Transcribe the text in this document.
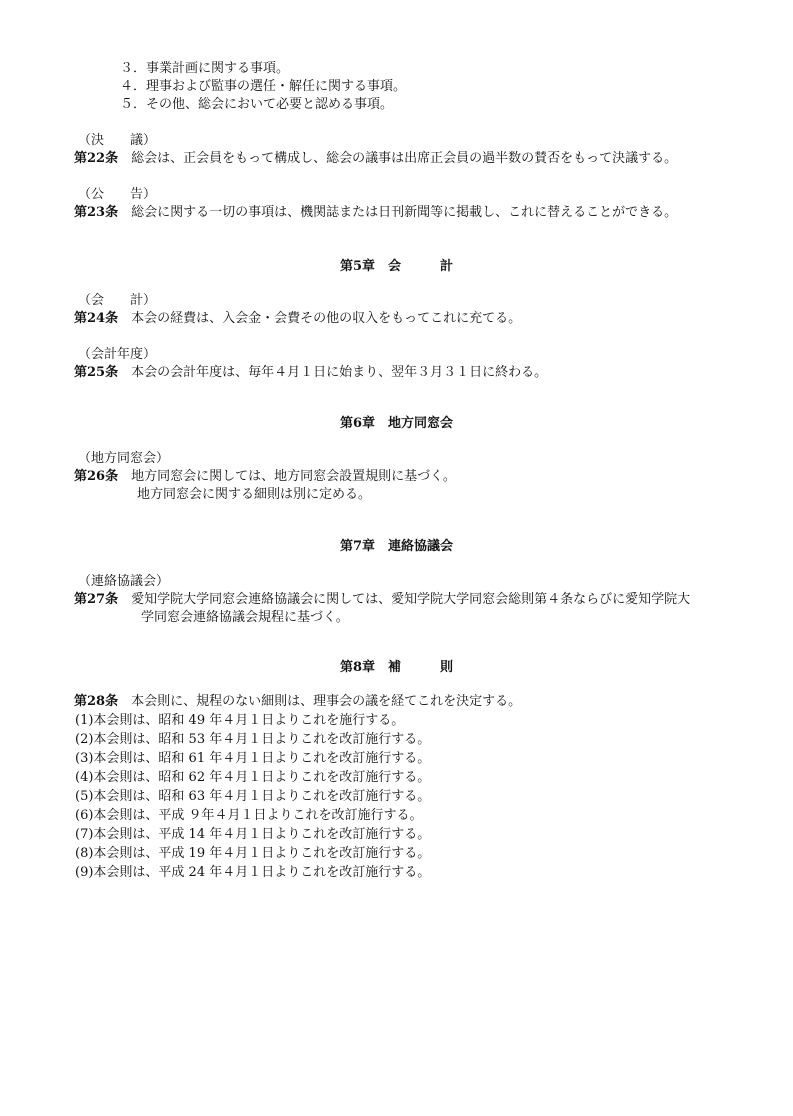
３．事業計画に関する事項。
４．理事および監事の選任・解任に関する事項。
５．その他、総会において必要と認める事項。
（決　　議）
第22条　総会は、正会員をもって構成し、総会の議事は出席正会員の過半数の賛否をもって決議する。
（公　　告）
第23条　総会に関する一切の事項は、機関誌または日刊新聞等に掲載し、これに替えることができる。
第5章　会　　　計
（会　　計）
第24条　本会の経費は、入会金・会費その他の収入をもってこれに充てる。
（会計年度）
第25条　本会の会計年度は、毎年４月１日に始まり、翌年３月３１日に終わる。
第6章　地方同窓会
（地方同窓会）
第26条　地方同窓会に関しては、地方同窓会設置規則に基づく。
地方同窓会に関する細則は別に定める。
第7章　連絡協議会
（連絡協議会）
第27条　愛知学院大学同窓会連絡協議会に関しては、愛知学院大学同窓会総則第４条ならびに愛知学院大
学同窓会連絡協議会規程に基づく。
第8章　補　　　則
第28条　本会則に、規程のない細則は、理事会の議を経てこれを決定する。
(1)本会則は、昭和 49 年４月１日よりこれを施行する。
(2)本会則は、昭和 53 年４月１日よりこれを改訂施行する。
(3)本会則は、昭和 61 年４月１日よりこれを改訂施行する。
(4)本会則は、昭和 62 年４月１日よりこれを改訂施行する。
(5)本会則は、昭和 63 年４月１日よりこれを改訂施行する。
(6)本会則は、平成 ９年４月１日よりこれを改訂施行する。
(7)本会則は、平成 14 年４月１日よりこれを改訂施行する。
(8)本会則は、平成 19 年４月１日よりこれを改訂施行する。
(9)本会則は、平成 24 年４月１日よりこれを改訂施行する。
